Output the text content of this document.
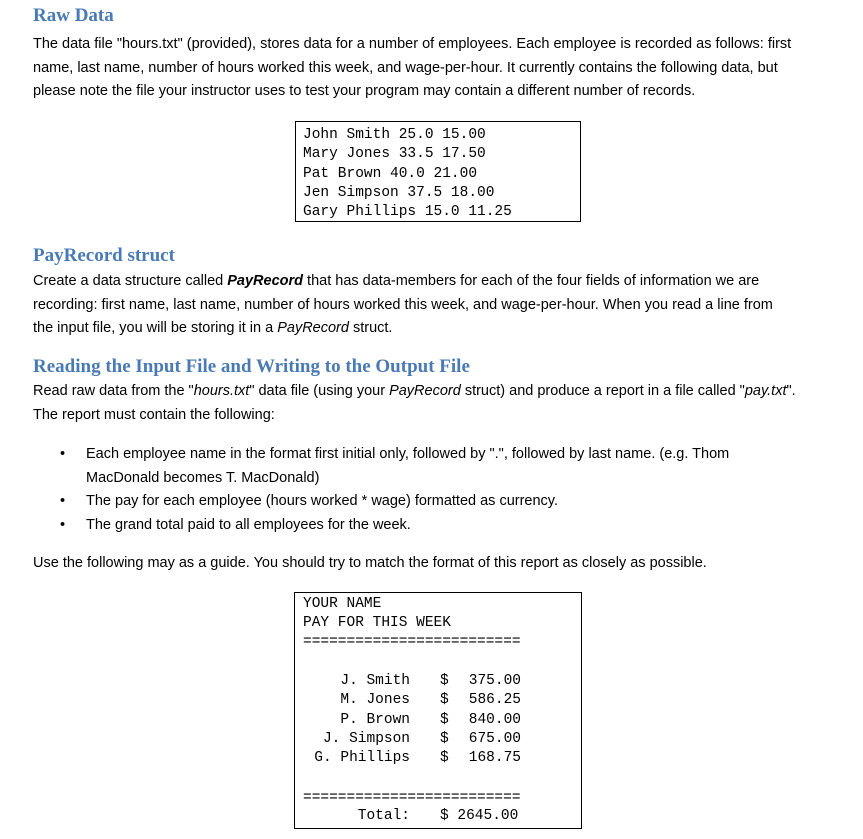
Raw Data
The data file "hours.txt" (provided), stores data for a number of employees. Each employee is recorded as follows: first
name, last name, number of hours worked this week, and wage-per-hour. It currently contains the following data, but
please note the file your instructor uses to test your program may contain a different number of records.
John Smith 25.0 15.00
Mary Jones 33.5 17.50
Pat Brown 40.0 21.00
Jen Simpson 37.5 18.00
Gary Phillips 15.0 11.25
PayRecord struct
Create a data structure called PayRecord that has data-members for each of the four fields of information we are
recording: first name, last name, number of hours worked this week, and wage-per-hour. When you read a line from
the input file, you will be storing it in a PayRecord struct.
Reading the Input File and Writing to the Output File
Read raw data from the "hours.txt" data file (using your PayRecord struct) and produce a report in a file called "pay.txt".
The report must contain the following:
• Each employee name in the format first initial only, followed by ".", followed by last name. (e.g. Thom
MacDonald becomes T. MacDonald)
• The pay for each employee (hours worked * wage) formatted as currency.
• The grand total paid to all employees for the week.
Use the following may as a guide. You should try to match the format of this report as closely as possible.
YOUR NAME
PAY FOR THIS WEEK
=========================
J. Smith $ 375.00
M. Jones $ 586.25
P. Brown $ 840.00
J. Simpson $ 675.00
G. Phillips $ 168.75
=========================
Total: $ 2645.00
